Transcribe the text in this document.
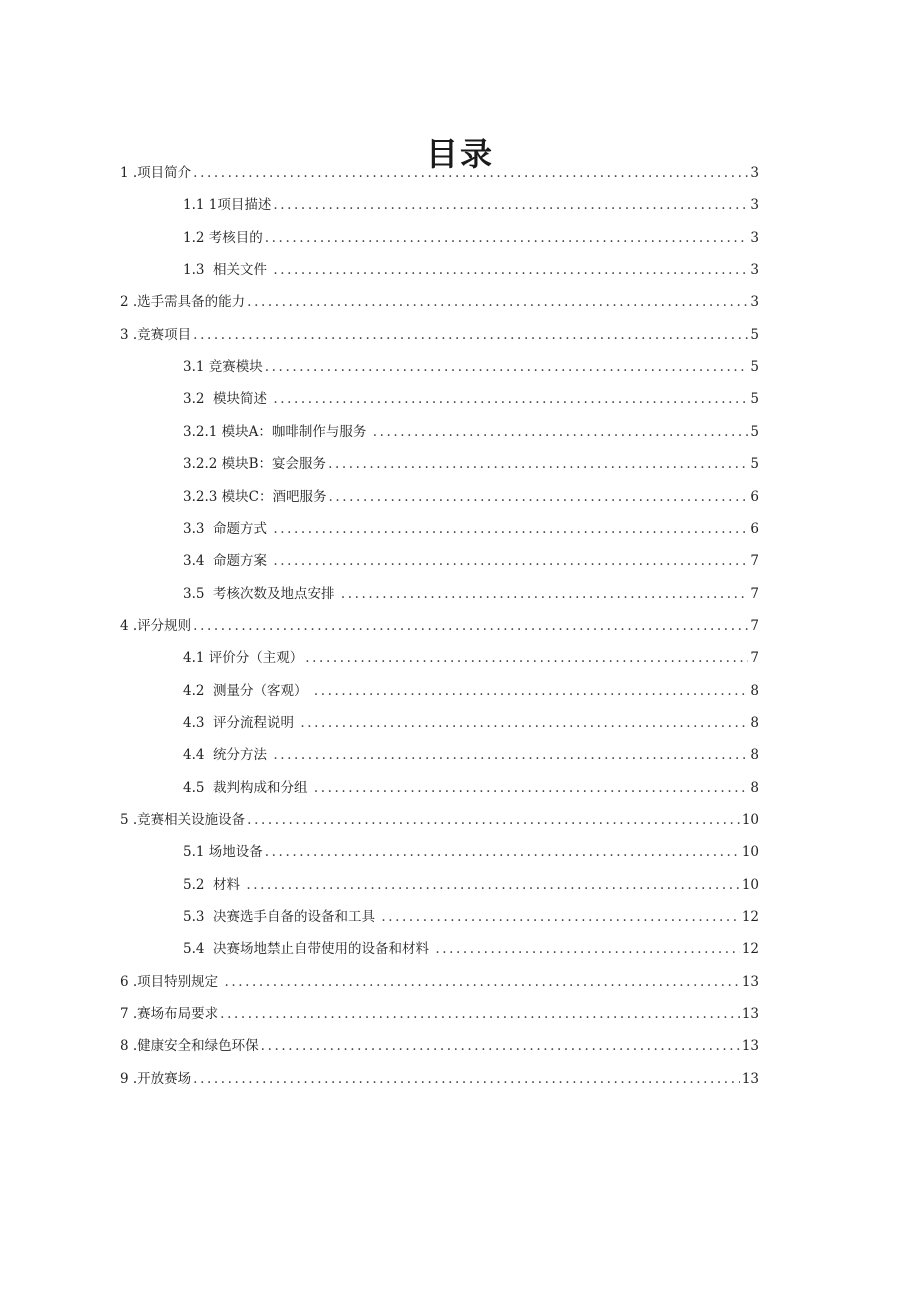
目录
1 .项目简介 .....	3
1.1 1项目描述 .....	3
1.2 考核目的 .....	3
1.3  相关文件 .....	3
2 .选手需具备的能力 .....	3
3 .竞赛项目 .....	5
3.1 竞赛模块 .....	5
3.2  模块简述 .....	5
3.2.1 模块A：咖啡制作与服务 .....	5
3.2.2 模块B：宴会服务 .....	5
3.2.3 模块C：酒吧服务 .....	6
3.3  命题方式 .....	6
3.4  命题方案 .....	7
3.5  考核次数及地点安排 .....	7
4 .评分规则 .....	7
4.1 评价分（主观） .....	7
4.2  测量分（客观） .....	8
4.3  评分流程说明 .....	8
4.4  统分方法 .....	8
4.5  裁判构成和分组 .....	8
5 .竞赛相关设施设备 .....	10
5.1 场地设备 .....	10
5.2  材料 .....	10
5.3  决赛选手自备的设备和工具 .....	12
5.4  决赛场地禁止自带使用的设备和材料 .....	12
6 .项目特别规定 .....	13
7 .赛场布局要求 .....	13
8 .健康安全和绿色环保 .....	13
9 .开放赛场 .....	13
